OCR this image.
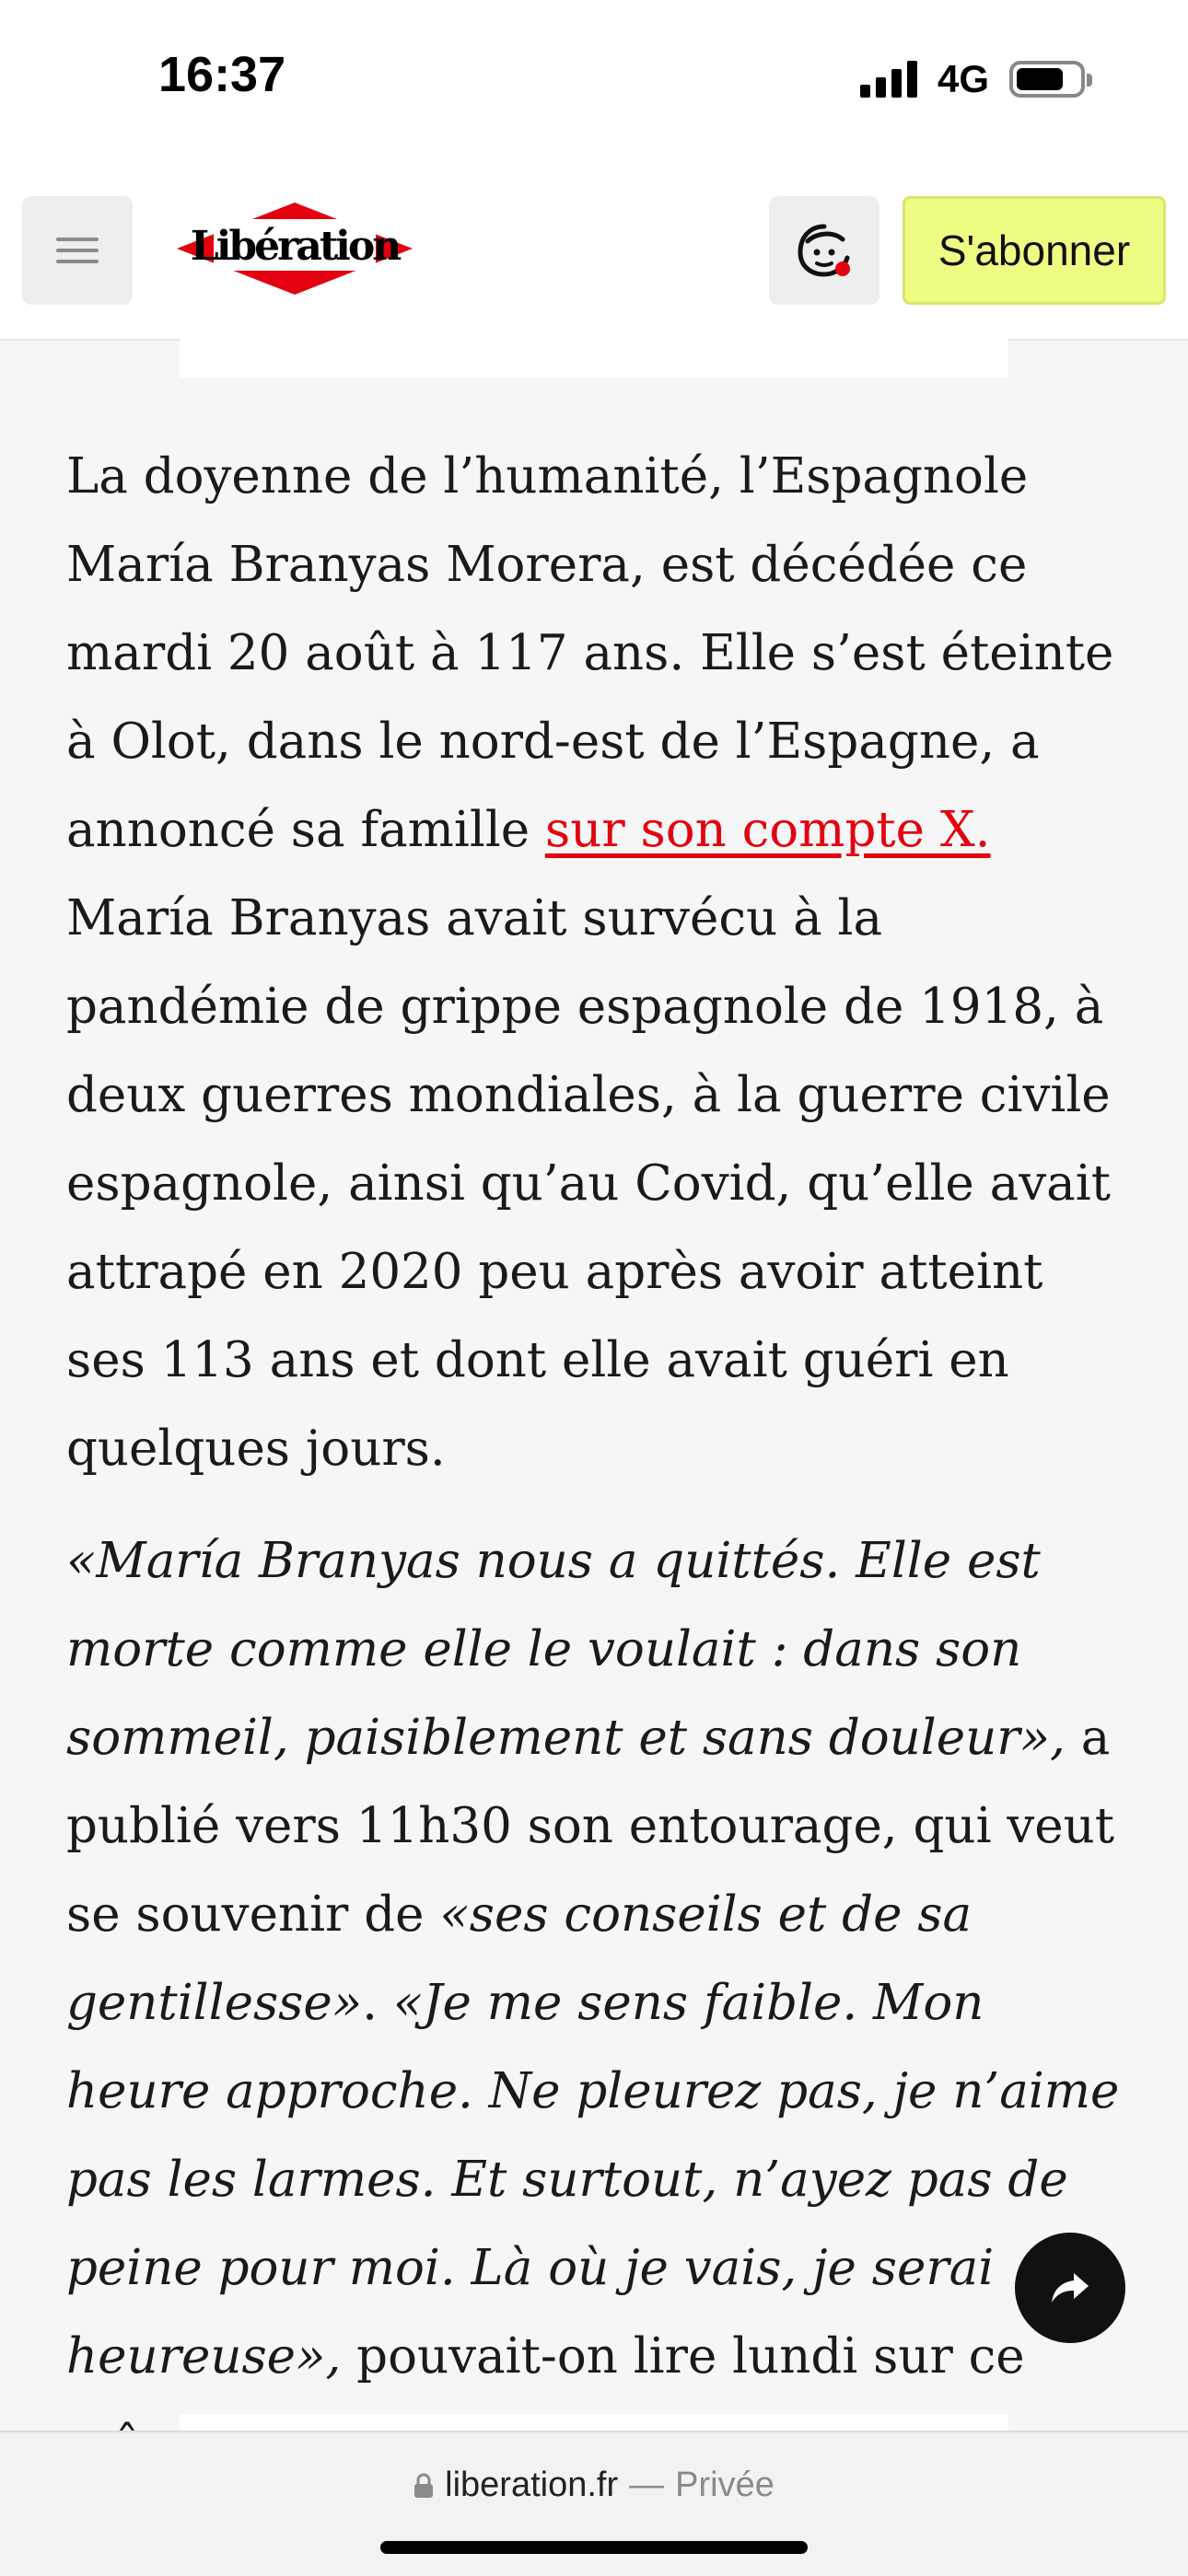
16:37	4G
Libération	S'abonner

La doyenne de l’humanité, l’Espagnole María Branyas Morera, est décédée ce mardi 20 août à 117 ans. Elle s’est éteinte à Olot, dans le nord-est de l’Espagne, a annoncé sa famille sur son compte X. María Branyas avait survécu à la pandémie de grippe espagnole de 1918, à deux guerres mondiales, à la guerre civile espagnole, ainsi qu’au Covid, qu’elle avait attrapé en 2020 peu après avoir atteint ses 113 ans et dont elle avait guéri en quelques jours.

«María Branyas nous a quittés. Elle est morte comme elle le voulait : dans son sommeil, paisiblement et sans douleur», a publié vers 11h30 son entourage, qui veut se souvenir de «ses conseils et de sa gentillesse». «Je me sens faible. Mon heure approche. Ne pleurez pas, je n’aime pas les larmes. Et surtout, n’ayez pas de peine pour moi. Là où je vais, je serai heureuse», pouvait-on lire lundi sur ce

liberation.fr — Privée
